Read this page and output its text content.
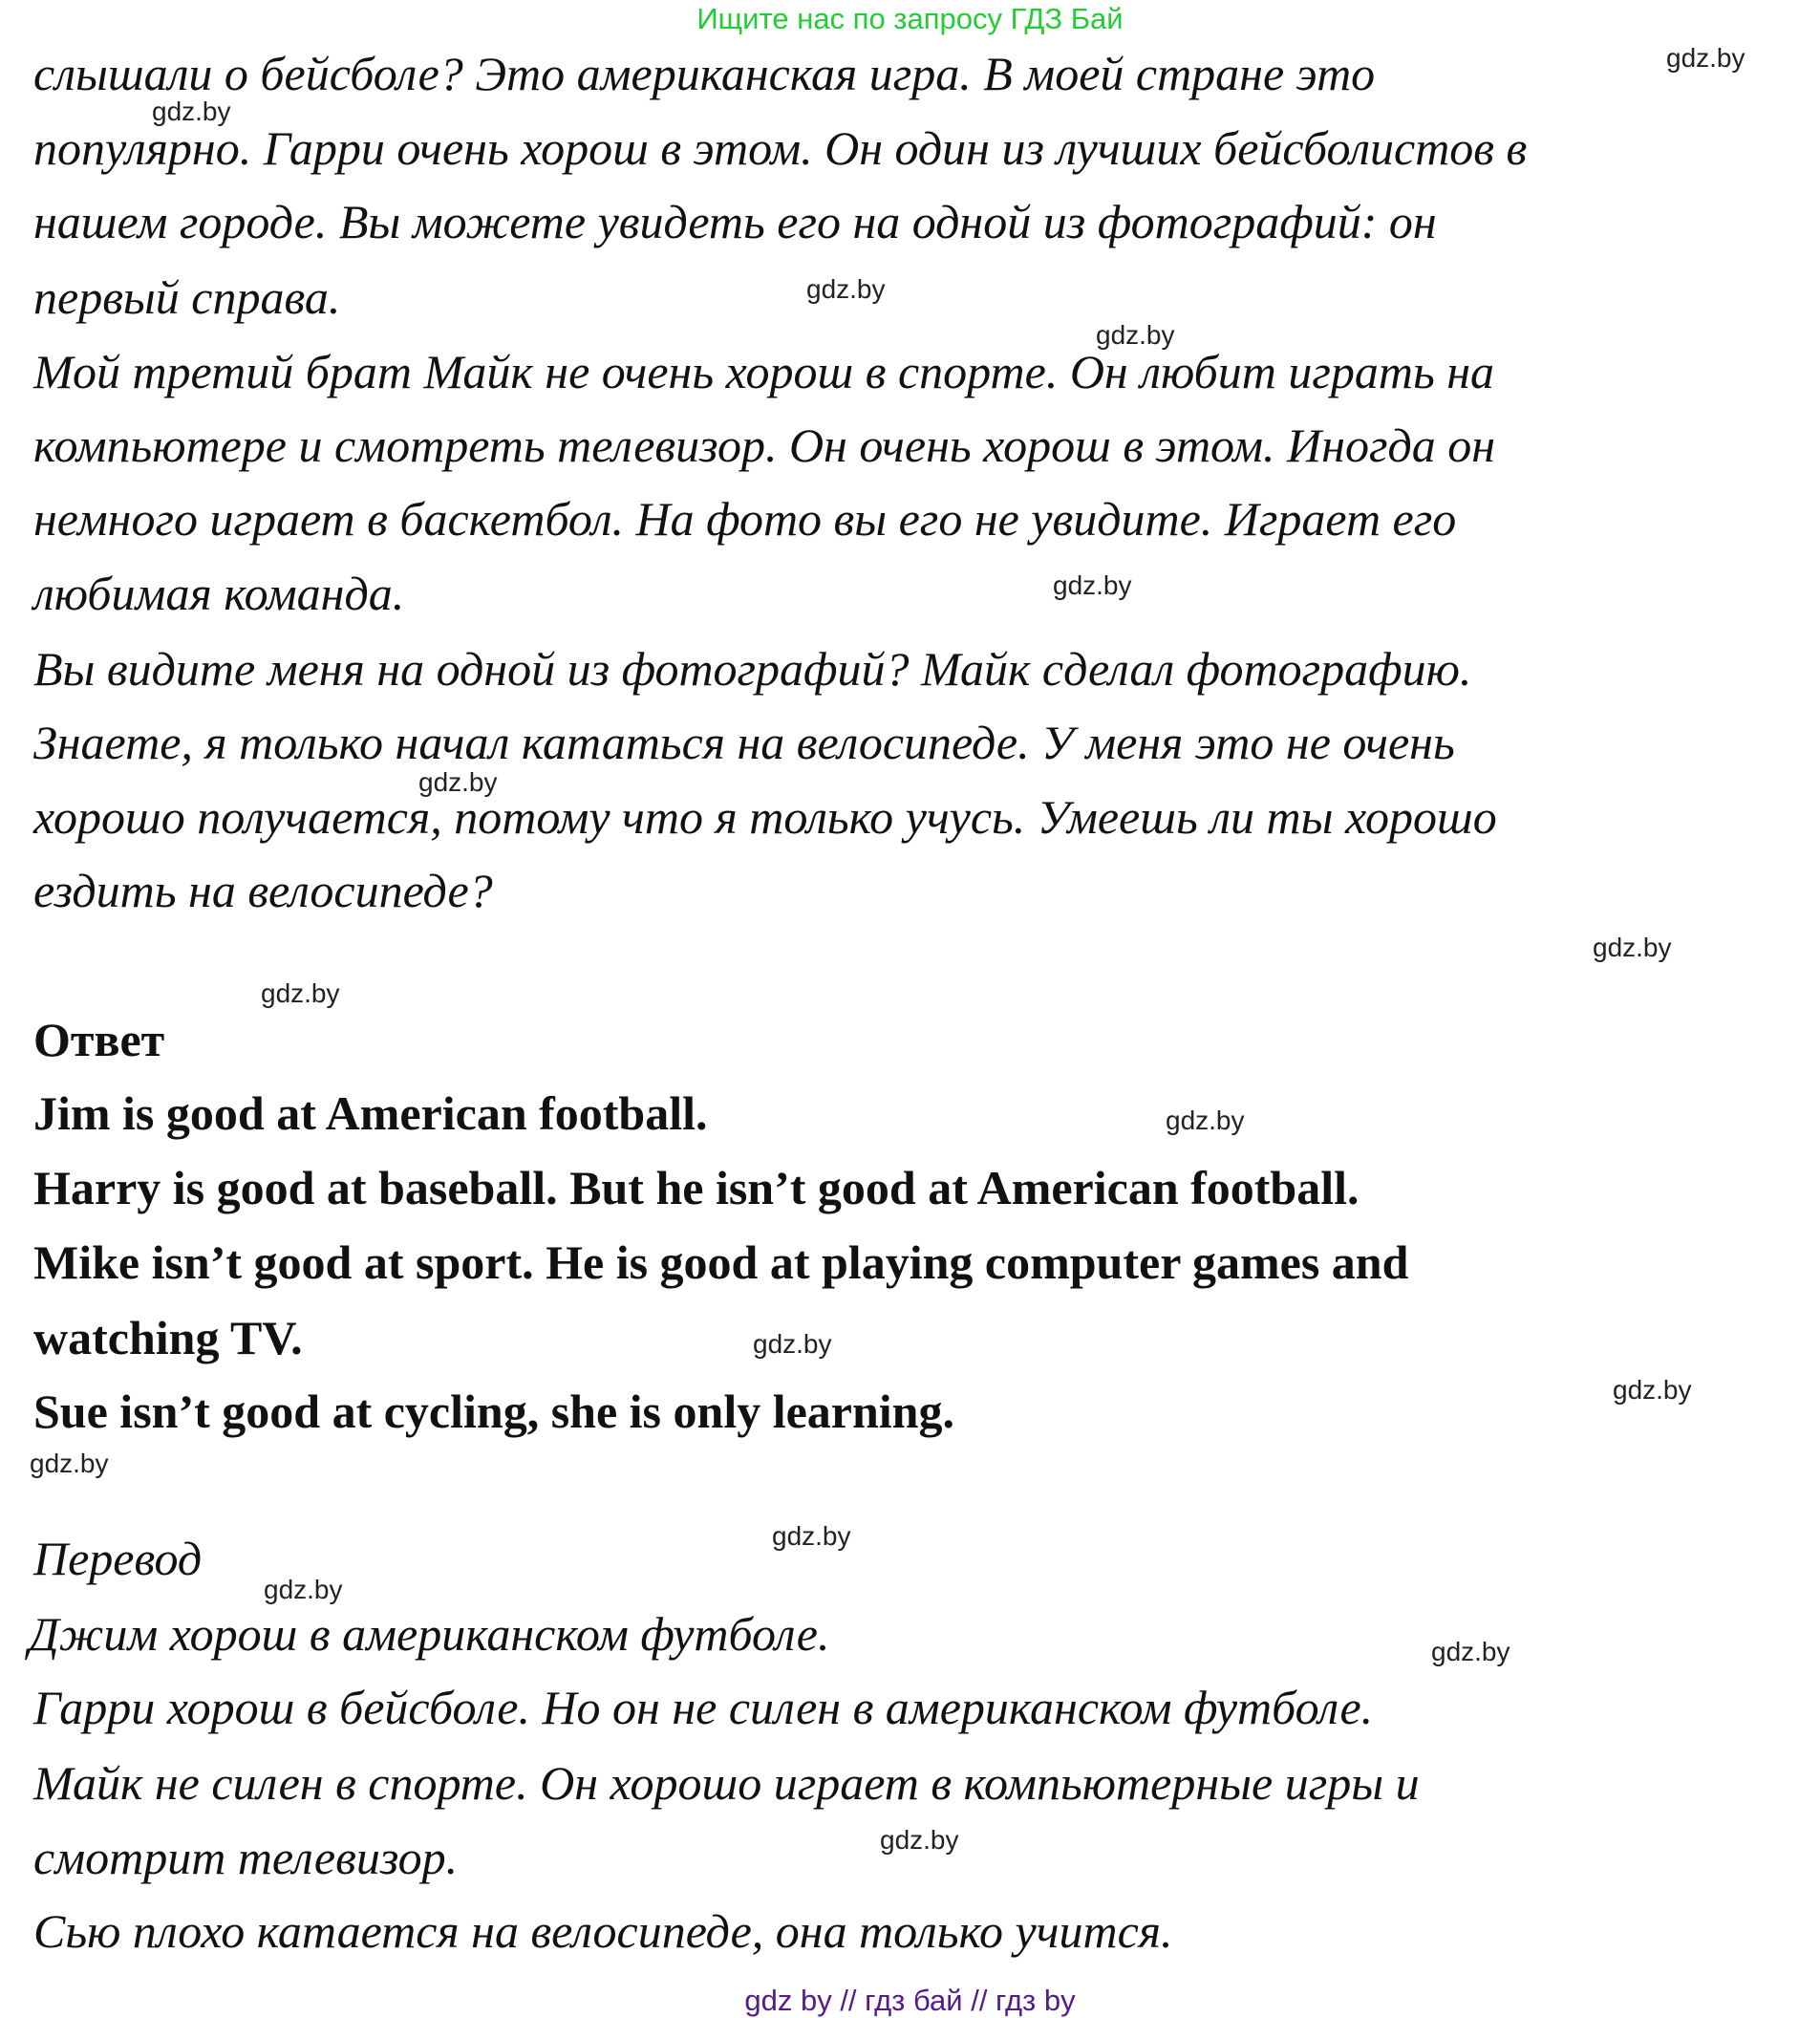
Ищите нас по запросу ГДЗ Бай
слышали о бейсболе? Это американская игра. В моей стране это
популярно. Гарри очень хорош в этом. Он один из лучших бейсболистов в
нашем городе. Вы можете увидеть его на одной из фотографий: он
первый справа.
Мой третий брат Майк не очень хорош в спорте. Он любит играть на
компьютере и смотреть телевизор. Он очень хорош в этом. Иногда он
немного играет в баскетбол. На фото вы его не увидите. Играет его
любимая команда.
Вы видите меня на одной из фотографий? Майк сделал фотографию.
Знаете, я только начал кататься на велосипеде. У меня это не очень
хорошо получается, потому что я только учусь. Умеешь ли ты хорошо
ездить на велосипеде?
Ответ
Jim is good at American football.
Harry is good at baseball. But he isn’t good at American football.
Mike isn’t good at sport. He is good at playing computer games and
watching TV.
Sue isn’t good at cycling, she is only learning.
Перевод
Джим хорош в американском футболе.
Гарри хорош в бейсболе. Но он не силен в американском футболе.
Майк не силен в спорте. Он хорошо играет в компьютерные игры и
смотрит телевизор.
Сью плохо катается на велосипеде, она только учится.
gdz.by
gdz.by
gdz.by
gdz.by
gdz.by
gdz.by
gdz.by
gdz.by
gdz.by
gdz.by
gdz.by
gdz.by
gdz.by
gdz.by
gdz.by
gdz.by
gdz by // гдз бай // гдз by
